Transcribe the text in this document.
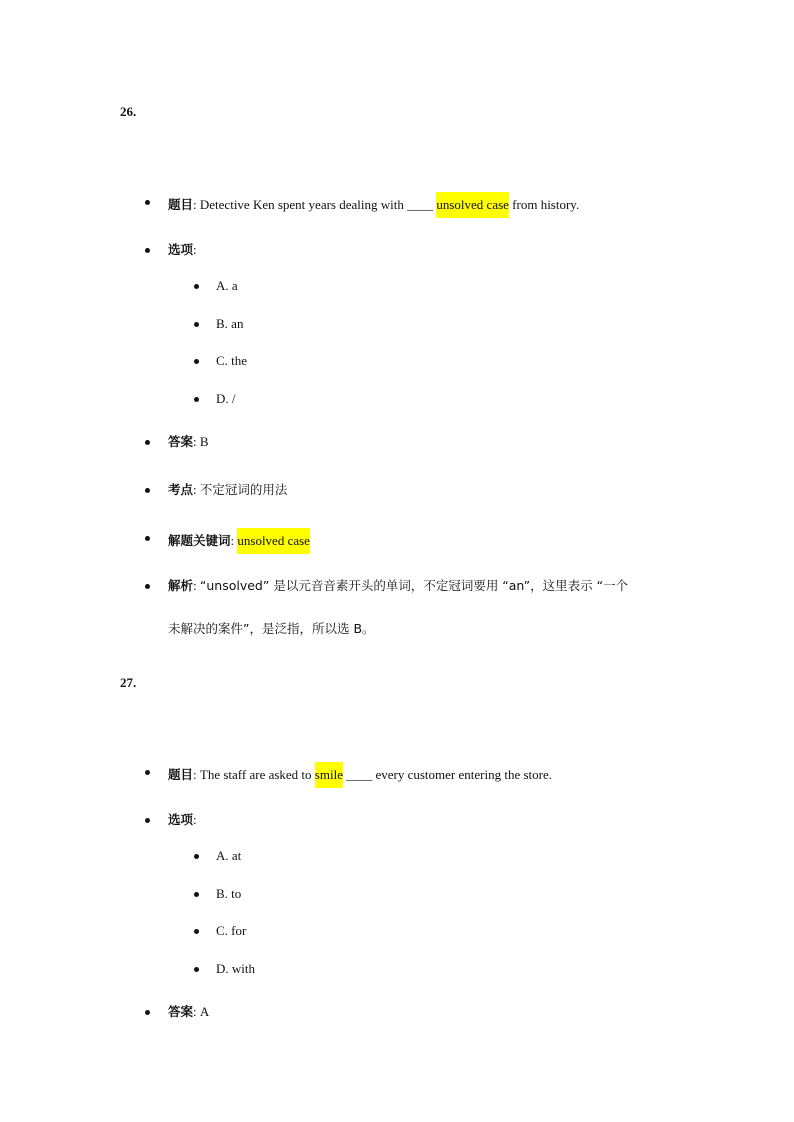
26.
题目: Detective Ken spent years dealing with ____ unsolved case from history.
选项:
A. a
B. an
C. the
D. /
答案: B
考点: 不定冠词的用法
解题关键词: unsolved case
解析: “unsolved” 是以元音音素开头的单词，不定冠词要用 “an”，这里表示 “一个
未解决的案件”，是泛指，所以选 B。
27.
题目: The staff are asked to smile ____ every customer entering the store.
选项:
A. at
B. to
C. for
D. with
答案: A
